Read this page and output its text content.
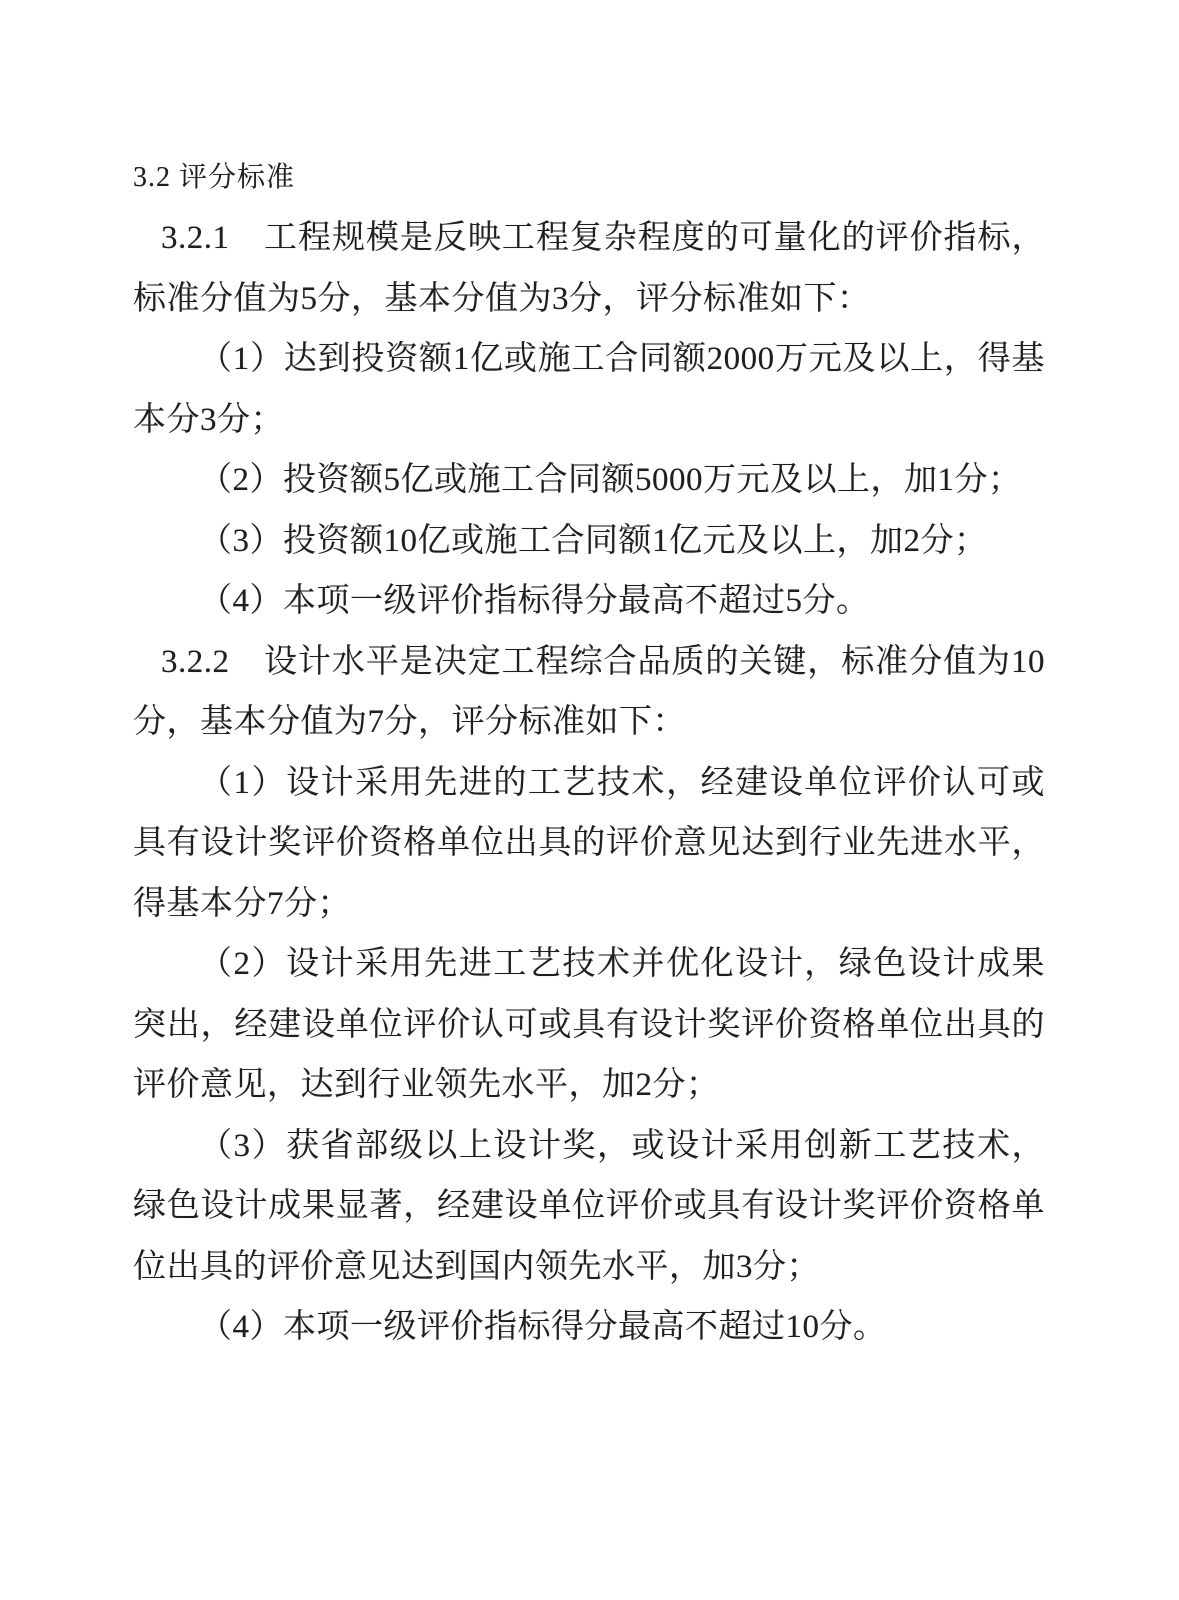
3.2 评分标准

3.2.1　工程规模是反映工程复杂程度的可量化的评价指标，标准分值为5分，基本分值为3分，评分标准如下：

（1）达到投资额1亿或施工合同额2000万元及以上，得基本分3分；

（2）投资额5亿或施工合同额5000万元及以上，加1分；

（3）投资额10亿或施工合同额1亿元及以上，加2分；

（4）本项一级评价指标得分最高不超过5分。

3.2.2　设计水平是决定工程综合品质的关键，标准分值为10分，基本分值为7分，评分标准如下：

（1）设计采用先进的工艺技术，经建设单位评价认可或具有设计奖评价资格单位出具的评价意见达到行业先进水平，得基本分7分；

（2）设计采用先进工艺技术并优化设计，绿色设计成果突出，经建设单位评价认可或具有设计奖评价资格单位出具的评价意见，达到行业领先水平，加2分；

（3）获省部级以上设计奖，或设计采用创新工艺技术，绿色设计成果显著，经建设单位评价或具有设计奖评价资格单位出具的评价意见达到国内领先水平，加3分；

（4）本项一级评价指标得分最高不超过10分。
